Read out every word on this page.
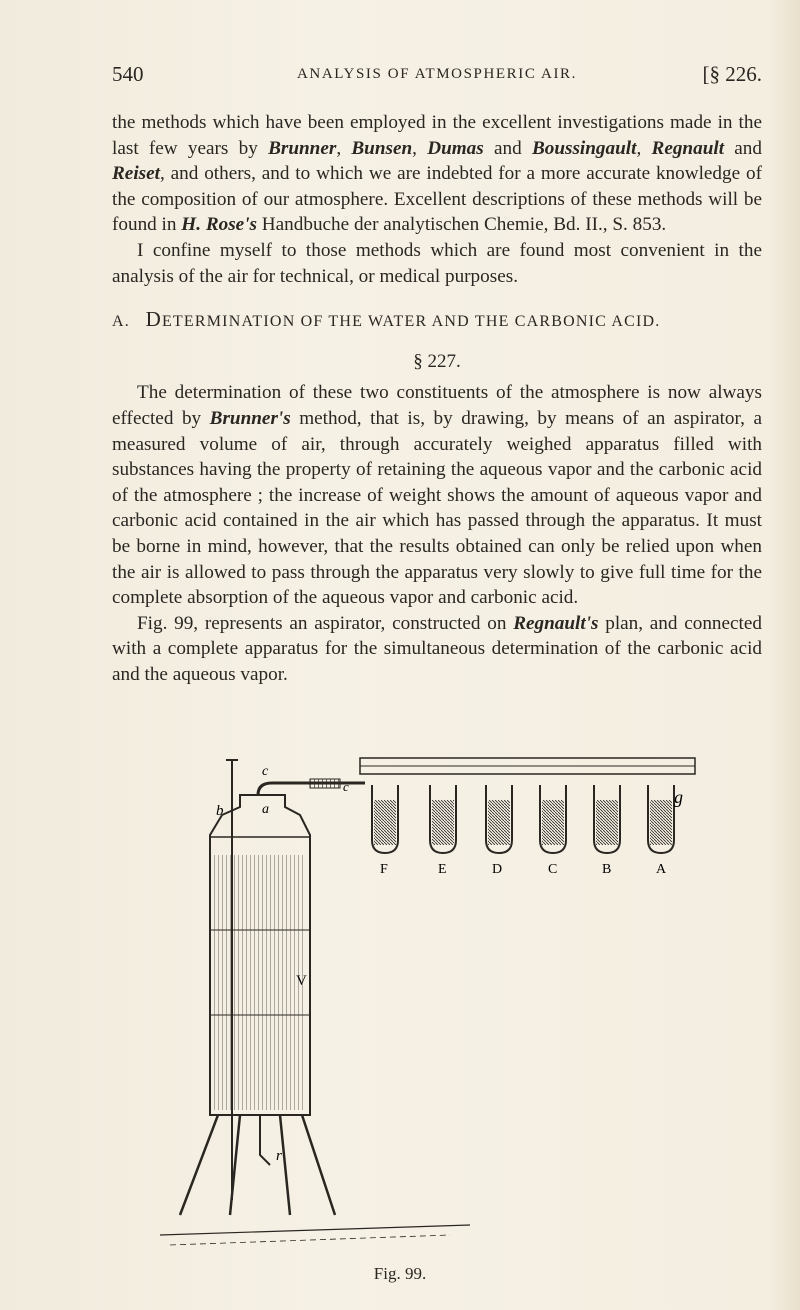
540	ANALYSIS OF ATMOSPHERIC AIR.	[§ 226.

the methods which have been employed in the excellent investigations made in the last few years by Brunner, Bunsen, Dumas and Boussingault, Regnault and Reiset, and others, and to which we are indebted for a more accurate knowledge of the composition of our atmosphere. Excellent descriptions of these methods will be found in H. Rose's Handbuche der analytischen Chemie, Bd. II., S. 853.

I confine myself to those methods which are found most convenient in the analysis of the air for technical, or medical purposes.

A. DETERMINATION OF THE WATER AND THE CARBONIC ACID.

§ 227.

The determination of these two constituents of the atmosphere is now always effected by Brunner's method, that is, by drawing, by means of an aspirator, a measured volume of air, through accurately weighed apparatus filled with substances having the property of retaining the aqueous vapor and the carbonic acid of the atmosphere ; the increase of weight shows the amount of aqueous vapor and carbonic acid contained in the air which has passed through the apparatus. It must be borne in mind, however, that the results obtained can only be relied upon when the air is allowed to pass through the apparatus very slowly to give full time for the complete absorption of the aqueous vapor and carbonic acid.

Fig. 99, represents an aspirator, constructed on Regnault's plan, and connected with a complete apparatus for the simultaneous determination of the carbonic acid and the aqueous vapor.

F	E	D	C	B	A
c
c
a
b
g
V
r
Fig. 99.
